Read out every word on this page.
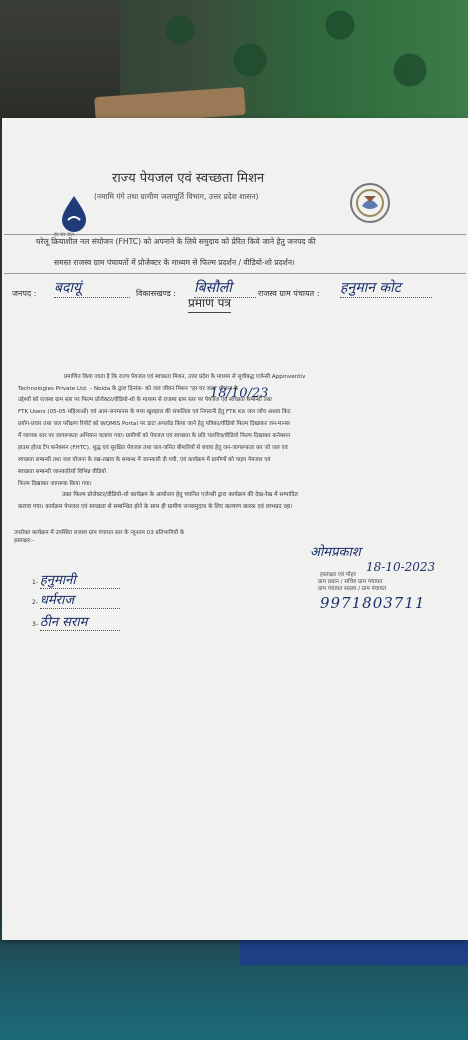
हर घर जल
राज्य पेयजल एवं स्वच्छता मिशन
(नमामि गंगे तथा ग्रामीण जलापूर्ति विभाग, उत्तर प्रदेश शासन)
घरेलू क्रियाशील नल संयोजन (FHTC) को अपनाने के लिये समुदाय को प्रेरित किये जाने हेतु जनपद की
समस्त राजस्व ग्राम पंचायतों में प्रोजेक्टर के माध्यम से फिल्म प्रदर्शन / वीडियो-शो प्रदर्शन।
जनपद : बदायूं	विकासखण्ड : बिसौली	राजस्व ग्राम पंचायत : हनुमान कोट
प्रमाण पत्र
प्रमाणित किया जाता है कि राज्य पेयजल एवं स्वच्छता मिशन, उत्तर प्रदेश के माध्यम से सूचीबद्ध एजेन्सी Appinventiv
Technologies Private Ltd. – Noida के द्वारा दिनांक- को जल जीवन मिशन "हर घर जल" योजना के
18/10/23
उद्देश्यों को राजस्व ग्राम स्तर पर फिल्म प्रोजेक्टर/वीडियो-शो के माध्यम से राजस्व ग्राम स्तर पर पेयजल एवं स्वच्छता सम्बन्धी तथा
FTK Users (05-05 महिलाओं) एवं आम-जनमानस के मध्य खुशहाल की सफलिता एवं निगरानी हेतु FTK Kit जल जाँच अथवा किट
प्रयोग-प्रचार तथा जल परीक्षण रिपोर्ट को WQMIS Portal पर डाटा अपलोड किया जाने हेतु पत्रिका/वीडियो फिल्म दिखाकर जन-मानस
में व्यापक स्तर पर जागरूकता अभियान चलाया गया। ग्रामीणों को पेयजल एवं स्वच्छता के प्रति चलचित्र/वीडियो फिल्म दिखाकर कनेक्शन
हाउस होल्ड टैप कनेक्शन (FHTC), शुद्ध एवं सुरक्षित पेयजल तथा जल-जनित बीमारियों से बचाव हेतु जन-जागरूकता कर जो जल एवं
स्वच्छता सम्बन्धी तथा जल योजना के रख-रखाव के सम्बन्ध में जानकारी दी गयी, एवं कार्यक्रम में ग्रामीणों को पाइप पेयजल एवं
स्वच्छता सम्बन्धी जानकारियों विभिन्न वीडियो
फिल्म दिखाकर जागरूक किया गया।
उक्त फिल्म प्रोजेक्टर/वीडियो-शो कार्यक्रम के आयोजन हेतु चयनित एजेन्सी द्वारा कार्यक्रम की देख-रेख में सम्पादित
कराया गया। कार्यक्रम पेयजल एवं स्वच्छता से सम्बन्धित होने के साथ ही ग्रामीण जनसमुदाय के लिए कल्याण कारक एवं लाभप्रद रहा।
उपरोक्त कार्यक्रम में उपस्थित राजस्व ग्राम पंचायत स्तर के न्यूनतम 03 प्रतिभागियों के
हस्ताक्षर:-
1- हनुमानी
2- धर्मराज
3- ठीन सराम
ओमप्रकाश
18-10-2023
हस्ताक्षर एवं मोहर
ग्राम प्रधान / सचिव ग्राम पंचायत
ग्राम पंचायत सदस्य / ग्राम पंचायत
9971803711
